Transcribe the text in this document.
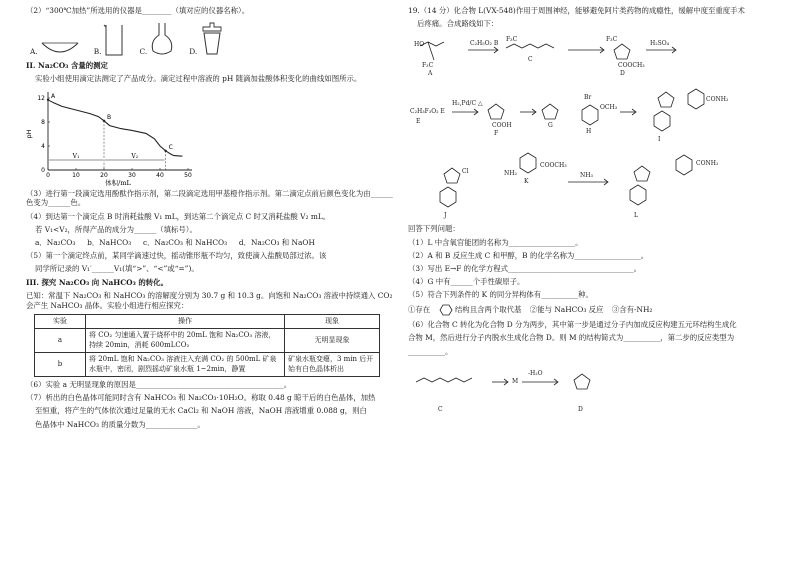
（2）“300℃加热”所选用的仪器是________（填对应的仪器名称）。

A.	B.	C.	D.

II. Na₂CO₃ 含量的测定

实验小组使用滴定法测定了产品成分。滴定过程中溶液的 pH 随滴加盐酸体积变化的曲线如图所示。

0	10	20	30	40	50
0
4
8
12
pH
体积/mL
A
B
C
V₁	V₂

（3）进行第一段滴定选用酚酞作指示剂，第二段滴定选用甲基橙作指示剂。第二滴定点前后颜色变化为由______色变为______色。

（4）到达第一个滴定点 B 时消耗盐酸 V₁ mL，到达第二个滴定点 C 时又消耗盐酸 V₂ mL。

若 V₁<V₂，所得产品的成分为______（填标号）。

a．Na₂CO₃ b．NaHCO₃ c．Na₂CO₃ 和 NaHCO₃ d．Na₂CO₃ 和 NaOH

（5）第一个滴定终点前，某同学滴速过快，摇动锥形瓶不均匀，致使滴入盐酸局部过浓。该

同学所记录的 V₁′______V₁(填“>”、“<”或“=”)。

III. 探究 Na₂CO₃ 向 NaHCO₃ 的转化。

已知：常温下 Na₂CO₃ 和 NaHCO₃ 的溶解度分别为 30.7 g 和 10.3 g。向饱和 Na₂CO₃ 溶液中持续通入 CO₂ 会产生 NaHCO₃ 晶体。实验小组进行相应探究：

实验	操作	现象
a	将 CO₂ 匀速通入置于烧杯中的 20mL 饱和 Na₂CO₃ 溶液，持续 20min，消耗 600mLCO₂	无明显现象
b	将 20mL 饱和 Na₂CO₃ 溶液注入充满 CO₂ 的 500mL 矿泉水瓶中，密闭，剧烈摇动矿泉水瓶 1~2min，静置	矿泉水瓶变瘪，3 min 后开始有白色晶体析出

（6）实验 a 无明显现象的原因是________________________________________。

（7）析出的白色晶体可能同时含有 NaHCO₃ 和 Na₂CO₃·10H₂O。称取 0.48 g 晾干后的白色晶体，加热

至恒重，将产生的气体依次通过足量的无水 CaCl₂ 和 NaOH 溶液，NaOH 溶液增重 0.088 g，则白

色晶体中 NaHCO₃ 的质量分数为______________。

19.（14 分）化合物 L(VX-548)作用于周围神经，能够避免阿片类药物的成瘾性，缓解中度至重度手术

后疼痛。合成路线如下：

HO
F₃C
A
C₂H₅O₂ B
F₃C
C
F₃C
COOCH₃
D
H₂SO₄
C₂H₃F₃O₂ E
E
H₂,Pd/C △
COOH
F
G
Br
OCH₃
H
I
CONH₂
Cl
J
NH₂
COOCH₃
K
NH₃
CONH₂
L

回答下列问题：

（1）L 中含氧官能团的名称为__________________。

（2）A 和 B 反应生成 C 和甲醇，B 的化学名称为__________________。

（3）写出 E→F 的化学方程式__________________________________。

（4）G 中有______个手性碳原子。

（5）符合下列条件的 K 的同分异构体有__________种。

①存在	结构且含两个取代基 ②能与 NaHCO₃ 反应 ③含有-NH₂

（6）化合物 C 转化为化合物 D 分为两步，其中第一步是通过分子内加成反应构建五元环结构生成化

合物 M，然后进行分子内脱水生成化合物 D。则 M 的结构简式为__________，第二步的反应类型为

__________。

C
M
-H₂O
D
